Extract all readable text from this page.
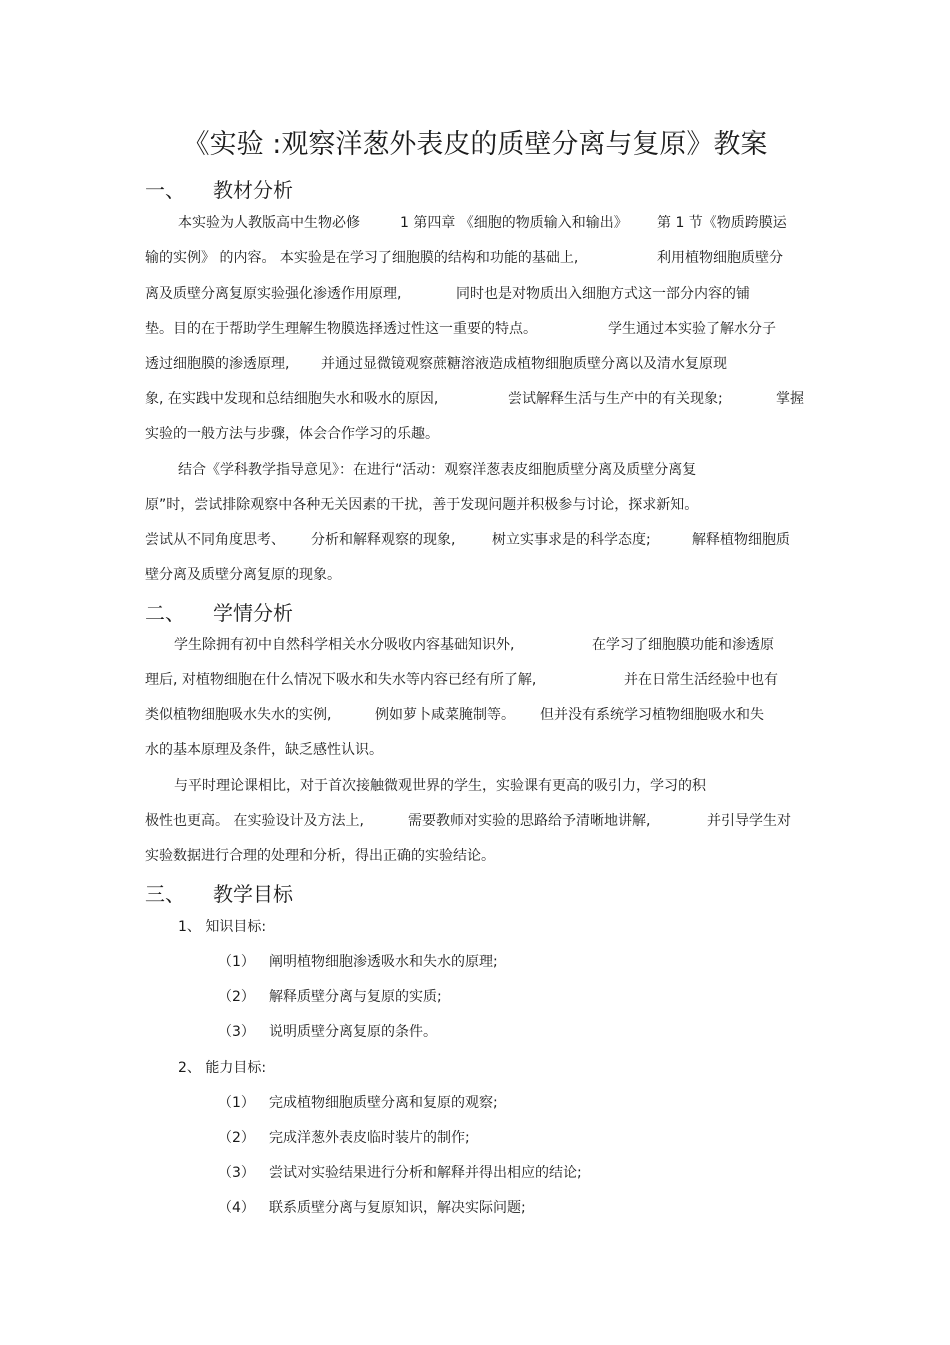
《实验 :观察洋葱外表皮的质壁分离与复原》教案
一、 教材分析
本实验为人教版高中生物必修	1 第四章 《细胞的物质输入和输出》 第 1 节《物质跨膜运
输的实例》 的内容。 本实验是在学习了细胞膜的结构和功能的基础上,	利用植物细胞质壁分
离及质壁分离复原实验强化渗透作用原理,	同时也是对物质出入细胞方式这一部分内容的铺
垫。目的在于帮助学生理解生物膜选择透过性这一重要的特点。	学生通过本实验了解水分子
透过细胞膜的渗透原理, 并通过显微镜观察蔗糖溶液造成植物细胞质壁分离以及清水复原现
象, 在实践中发现和总结细胞失水和吸水的原因,	尝试解释生活与生产中的有关现象;	掌握
实验的一般方法与步骤，体会合作学习的乐趣。
结合《学科教学指导意见》：在进行“活动：观察洋葱表皮细胞质壁分离及质壁分离复
原”时，尝试排除观察中各种无关因素的干扰，善于发现问题并积极参与讨论，探求新知。
尝试从不同角度思考、 分析和解释观察的现象,	树立实事求是的科学态度;	解释植物细胞质
壁分离及质壁分离复原的现象。
二、 学情分析
学生除拥有初中自然科学相关水分吸收内容基础知识外,	在学习了细胞膜功能和渗透原
理后, 对植物细胞在什么情况下吸水和失水等内容已经有所了解,	并在日常生活经验中也有
类似植物细胞吸水失水的实例,	例如萝卜咸菜腌制等。 但并没有系统学习植物细胞吸水和失
水的基本原理及条件，缺乏感性认识。
与平时理论课相比，对于首次接触微观世界的学生，实验课有更高的吸引力，学习的积
极性也更高。 在实验设计及方法上,	需要教师对实验的思路给予清晰地讲解,	并引导学生对
实验数据进行合理的处理和分析，得出正确的实验结论。
三、 教学目标
1、 知识目标:
（1） 阐明植物细胞渗透吸水和失水的原理;
（2） 解释质壁分离与复原的实质;
（3） 说明质壁分离复原的条件。
2、 能力目标:
（1） 完成植物细胞质壁分离和复原的观察;
（2） 完成洋葱外表皮临时装片的制作;
（3） 尝试对实验结果进行分析和解释并得出相应的结论;
（4） 联系质壁分离与复原知识，解决实际问题;
